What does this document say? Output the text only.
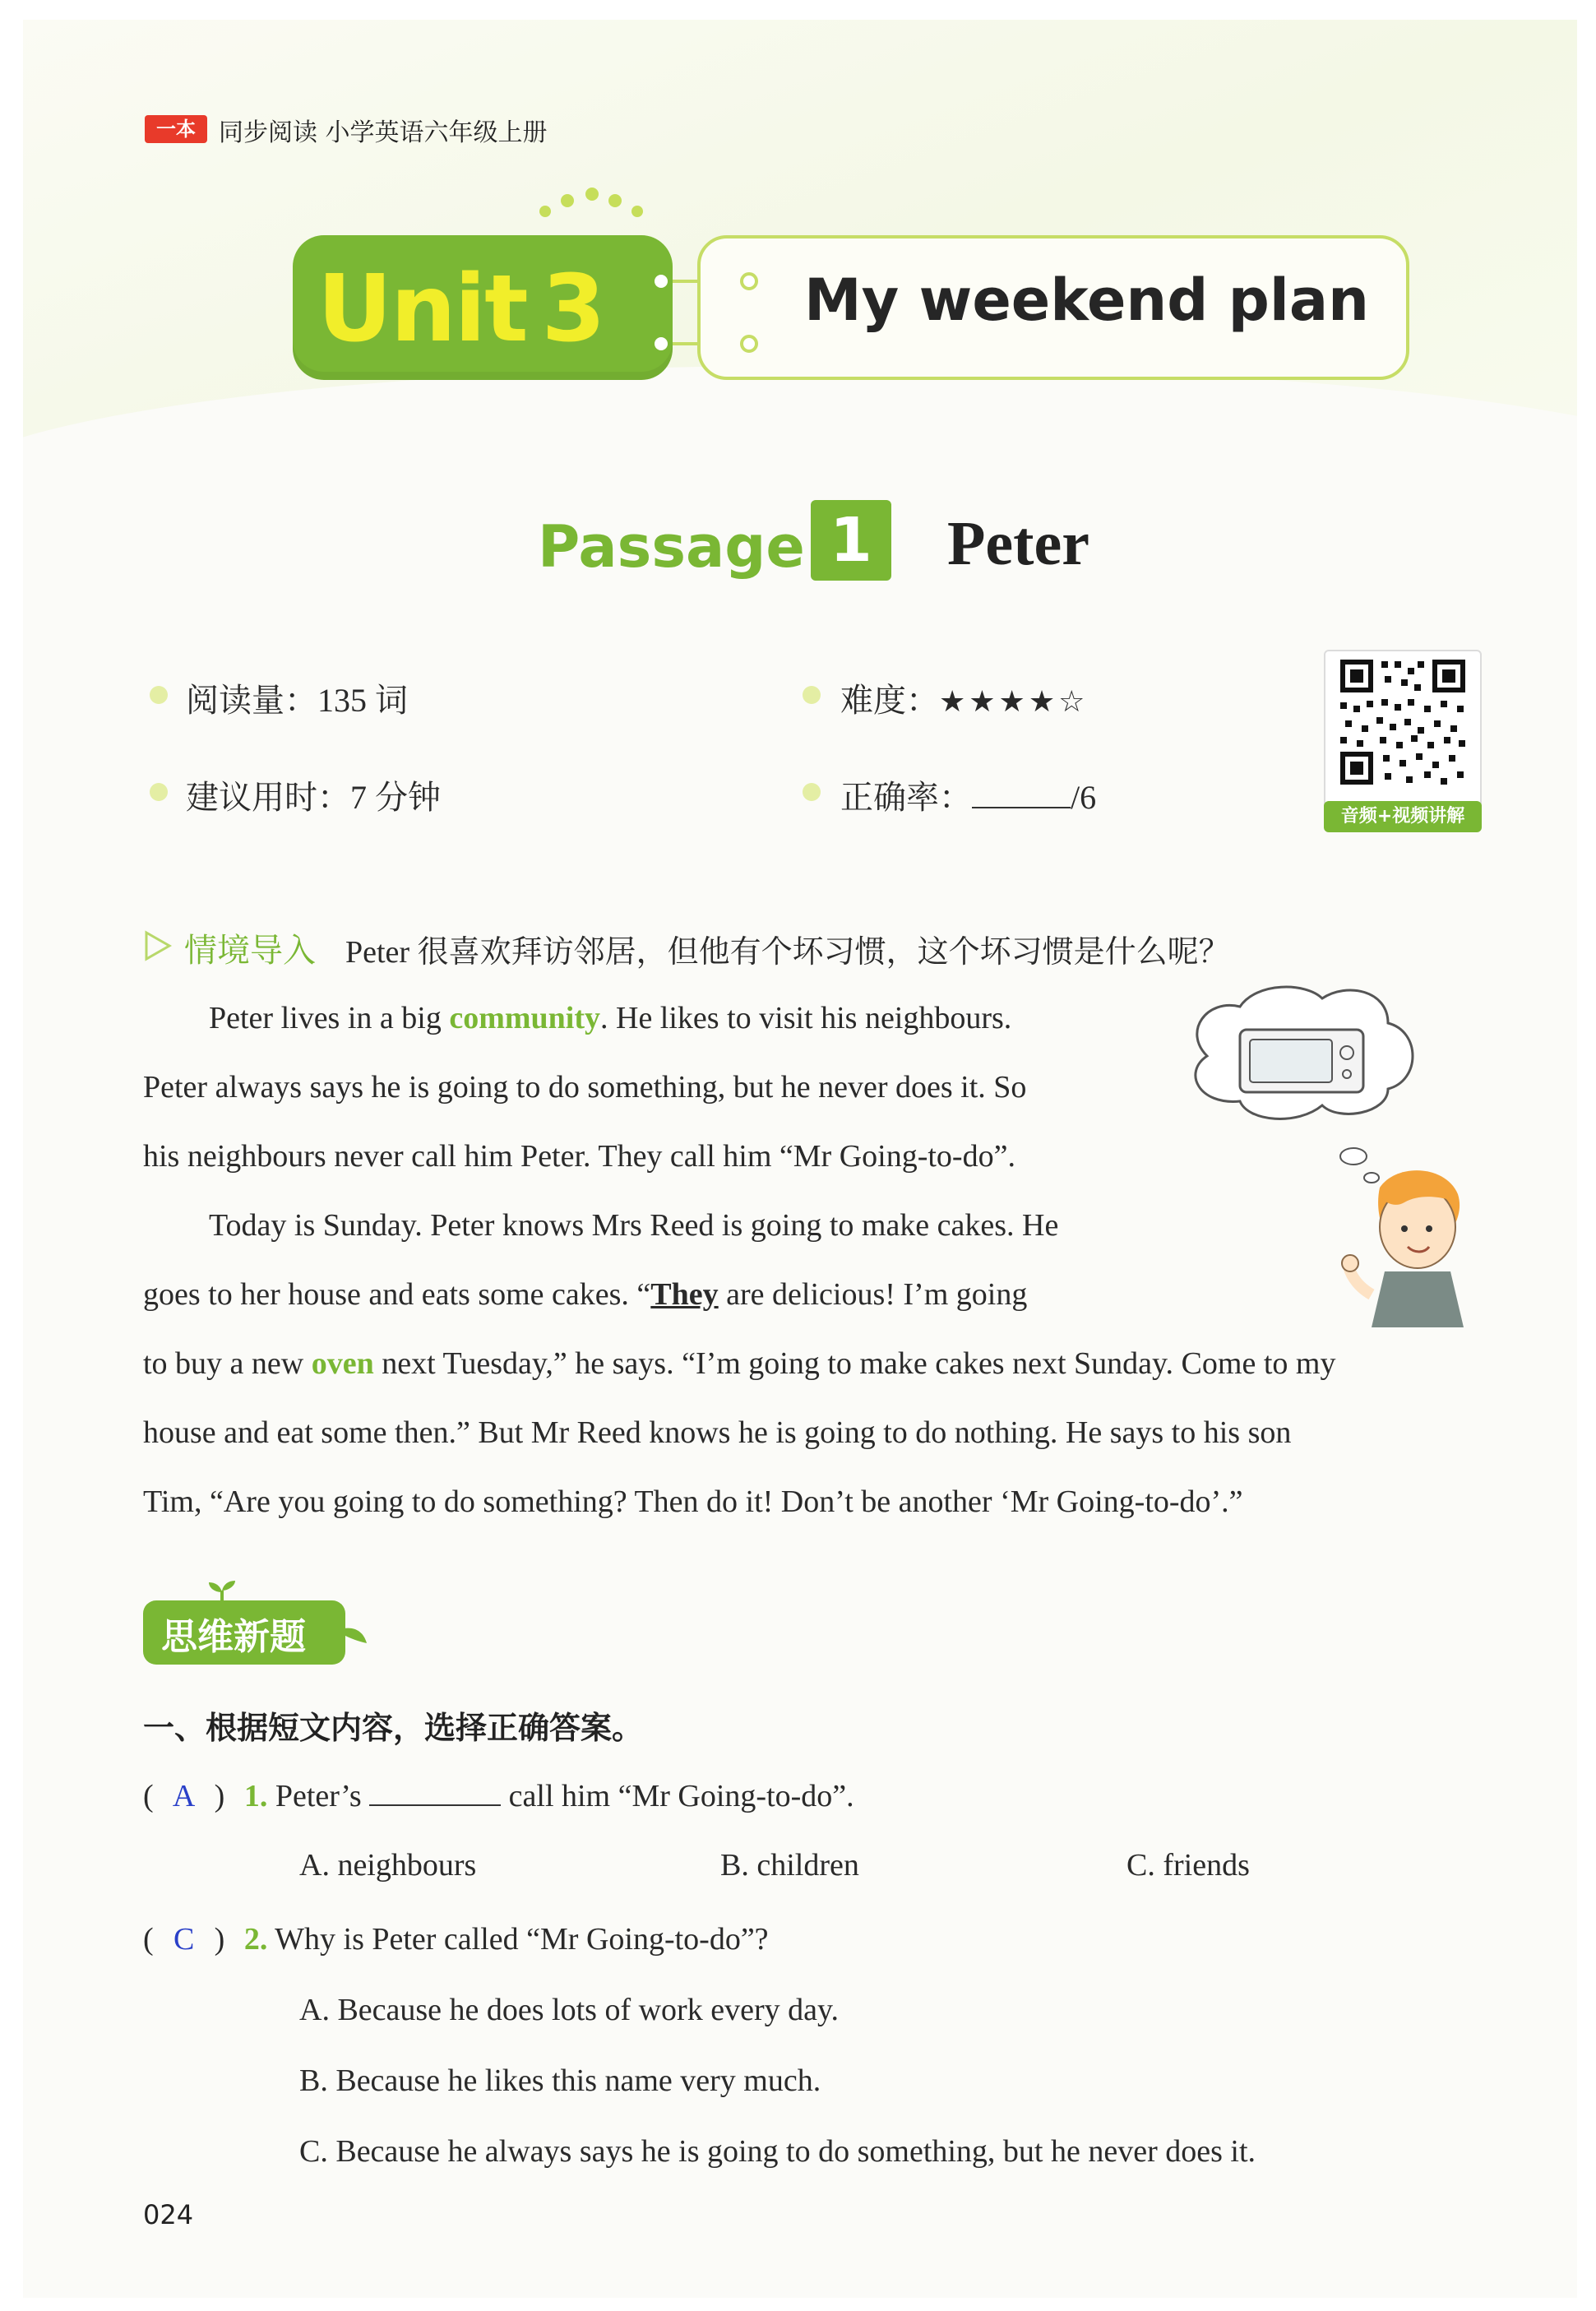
一本 同步阅读 小学英语六年级上册
Unit 3	My weekend plan
Passage 1	Peter
阅读量：135 词	难度：★★★★☆
建议用时：7 分钟	正确率：	/6
音频+视频讲解
情境导入 Peter 很喜欢拜访邻居，但他有个坏习惯，这个坏习惯是什么呢？
Peter lives in a big community. He likes to visit his neighbours.
Peter always says he is going to do something, but he never does it. So
his neighbours never call him Peter. They call him “Mr Going-to-do”.
Today is Sunday. Peter knows Mrs Reed is going to make cakes. He
goes to her house and eats some cakes. “They are delicious! I’m going
to buy a new oven next Tuesday,” he says. “I’m going to make cakes next Sunday. Come to my
house and eat some then.” But Mr Reed knows he is going to do nothing. He says to his son
Tim, “Are you going to do something? Then do it! Don’t be another ‘Mr Going-to-do’.”
思维新题
一、根据短文内容，选择正确答案。
( A ) 1. Peter’s	call him “Mr Going-to-do”.
A. neighbours	B. children	C. friends
( C ) 2. Why is Peter called “Mr Going-to-do”?
A. Because he does lots of work every day.
B. Because he likes this name very much.
C. Because he always says he is going to do something, but he never does it.
024
